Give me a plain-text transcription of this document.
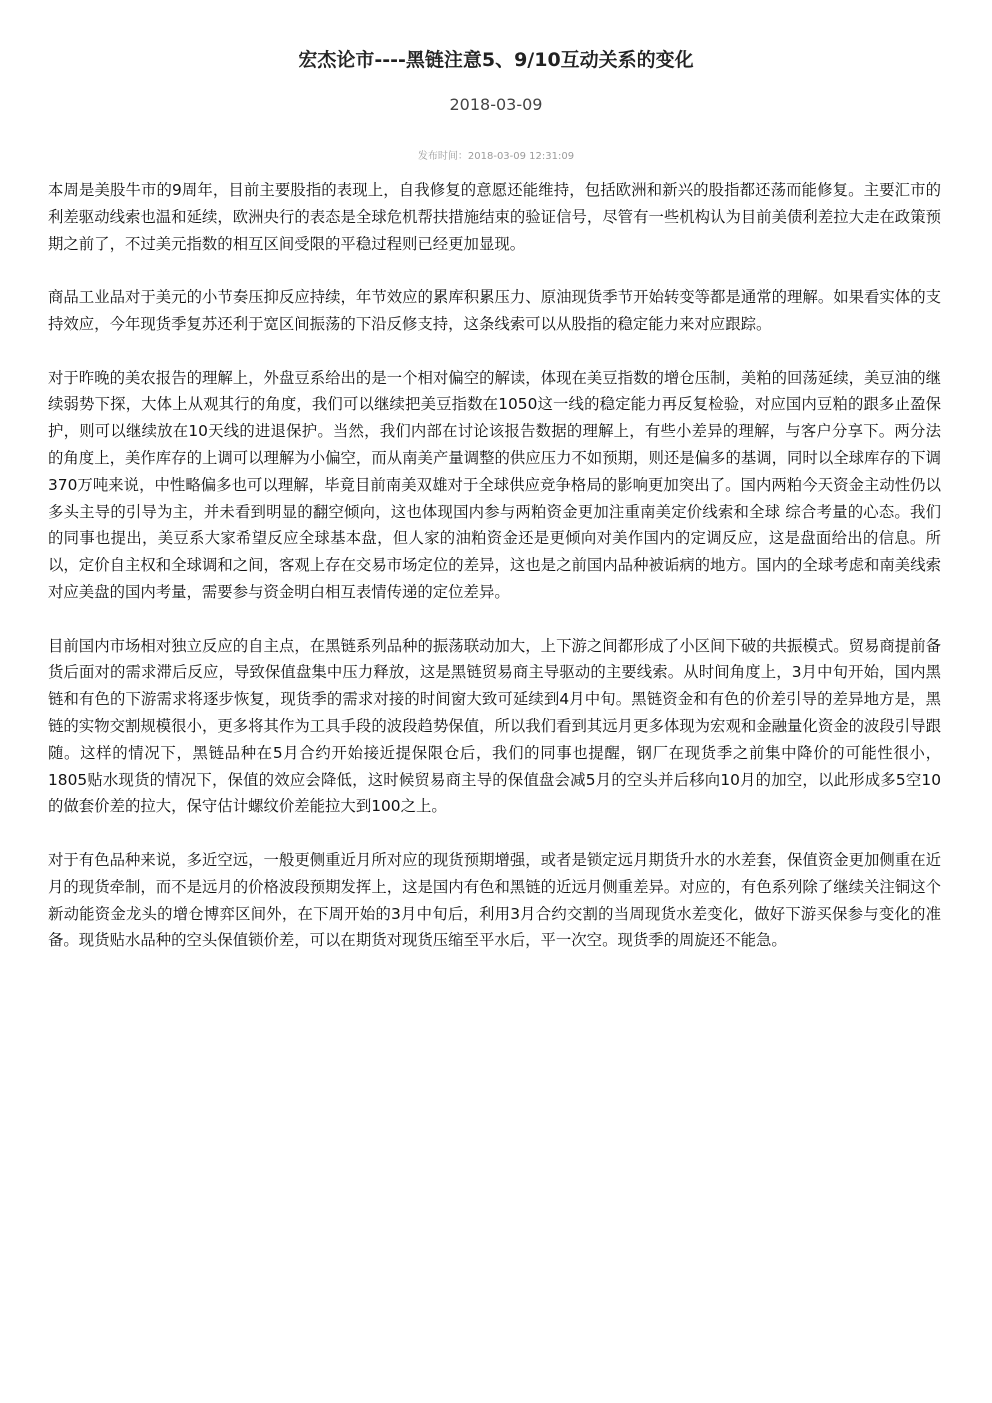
宏杰论市----黑链注意5、9/10互动关系的变化
2018-03-09
发布时间：2018-03-09 12:31:09

本周是美股牛市的9周年，目前主要股指的表现上，自我修复的意愿还能维持，包括欧洲和新兴的股指都还荡而能修复。主要汇市的利差驱动线索也温和延续，欧洲央行的表态是全球危机帮扶措施结束的验证信号，尽管有一些机构认为目前美债利差拉大走在政策预期之前了，不过美元指数的相互区间受限的平稳过程则已经更加显现。

商品工业品对于美元的小节奏压抑反应持续，年节效应的累库积累压力、原油现货季节开始转变等都是通常的理解。如果看实体的支持效应，今年现货季复苏还利于宽区间振荡的下沿反修支持，这条线索可以从股指的稳定能力来对应跟踪。

对于昨晚的美农报告的理解上，外盘豆系给出的是一个相对偏空的解读，体现在美豆指数的增仓压制，美粕的回荡延续，美豆油的继续弱势下探，大体上从观其行的角度，我们可以继续把美豆指数在1050这一线的稳定能力再反复检验，对应国内豆粕的跟多止盈保护，则可以继续放在10天线的进退保护。当然，我们内部在讨论该报告数据的理解上，有些小差异的理解，与客户分享下。两分法的角度上，美作库存的上调可以理解为小偏空，而从南美产量调整的供应压力不如预期，则还是偏多的基调，同时以全球库存的下调370万吨来说，中性略偏多也可以理解，毕竟目前南美双雄对于全球供应竞争格局的影响更加突出了。国内两粕今天资金主动性仍以多头主导的引导为主，并未看到明显的翻空倾向，这也体现国内参与两粕资金更加注重南美定价线索和全球 综合考量的心态。我们的同事也提出，美豆系大家希望反应全球基本盘，但人家的油粕资金还是更倾向对美作国内的定调反应，这是盘面给出的信息。所以，定价自主权和全球调和之间，客观上存在交易市场定位的差异，这也是之前国内品种被诟病的地方。国内的全球考虑和南美线索对应美盘的国内考量，需要参与资金明白相互表情传递的定位差异。

目前国内市场相对独立反应的自主点，在黑链系列品种的振荡联动加大，上下游之间都形成了小区间下破的共振模式。贸易商提前备货后面对的需求滞后反应，导致保值盘集中压力释放，这是黑链贸易商主导驱动的主要线索。从时间角度上，3月中旬开始，国内黑链和有色的下游需求将逐步恢复，现货季的需求对接的时间窗大致可延续到4月中旬。黑链资金和有色的价差引导的差异地方是，黑链的实物交割规模很小，更多将其作为工具手段的波段趋势保值，所以我们看到其远月更多体现为宏观和金融量化资金的波段引导跟随。这样的情况下，黑链品种在5月合约开始接近提保限仓后，我们的同事也提醒，钢厂在现货季之前集中降价的可能性很小，1805贴水现货的情况下，保值的效应会降低，这时候贸易商主导的保值盘会减5月的空头并后移向10月的加空，以此形成多5空10的做套价差的拉大，保守估计螺纹价差能拉大到100之上。

对于有色品种来说，多近空远，一般更侧重近月所对应的现货预期增强，或者是锁定远月期货升水的水差套，保值资金更加侧重在近月的现货牵制，而不是远月的价格波段预期发挥上，这是国内有色和黑链的近远月侧重差异。对应的，有色系列除了继续关注铜这个新动能资金龙头的增仓博弈区间外，在下周开始的3月中旬后，利用3月合约交割的当周现货水差变化，做好下游买保参与变化的准备。现货贴水品种的空头保值锁价差，可以在期货对现货压缩至平水后，平一次空。现货季的周旋还不能急。
